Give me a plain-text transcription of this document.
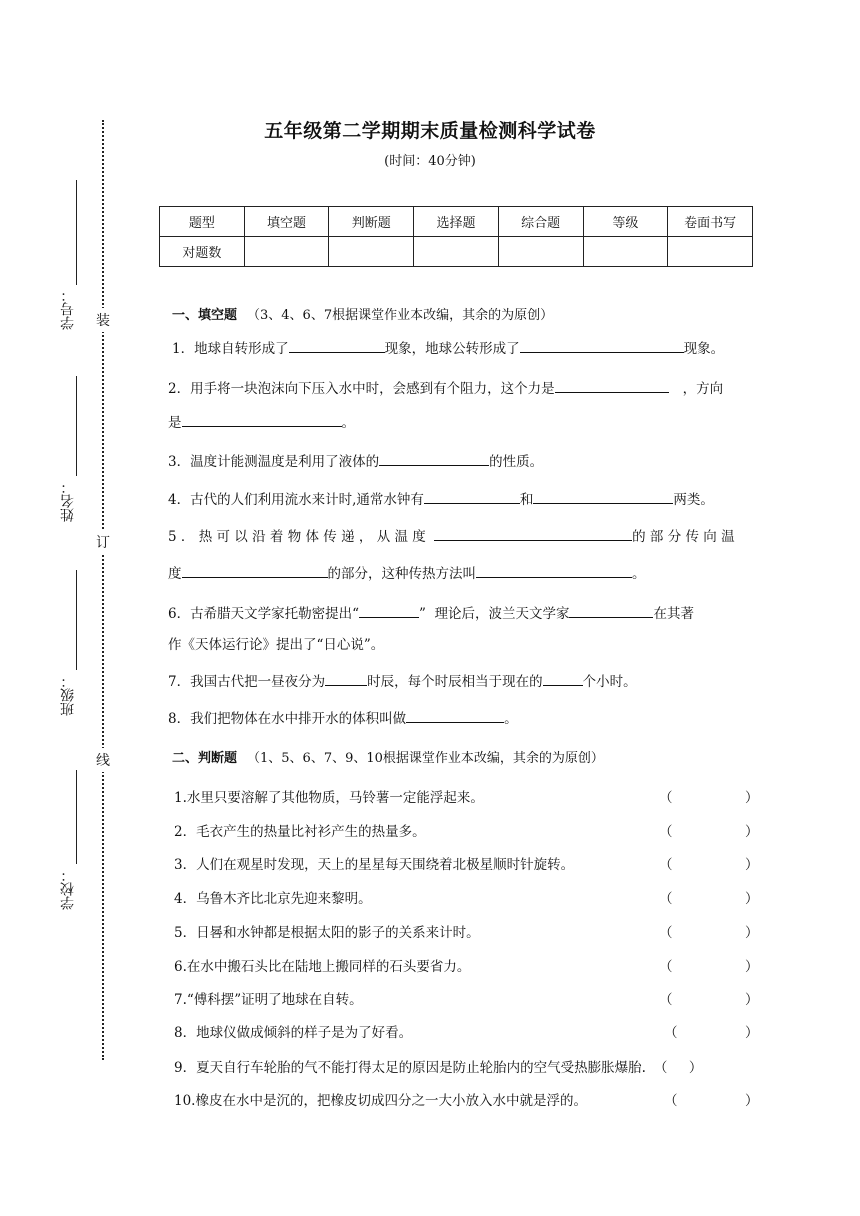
装
订
线
学号：
姓名：
班级：
学校：
五年级第二学期期末质量检测科学试卷
(时间：40分钟)
题型	填空题	判断题	选择题	综合题	等级	卷面书写
对题数						
一、填空题 （3、4、6、7根据课堂作业本改编，其余的为原创）
1．地球自转形成了	现象，地球公转形成了	现象。
2．用手将一块泡沫向下压入水中时，会感到有个阻力，这个力是	，方向
是	。
3．温度计能测温度是利用了液体的	的性质。
4．古代的人们利用流水来计时,通常水钟有	和	两类。
5．热可以沿着物体传递，从温度	的部分传向温
度	的部分，这种传热方法叫	。
6．古希腊天文学家托勒密提出“	”  理论后，波兰天文学家	在其著
作《天体运行论》提出了“日心说”。
7．我国古代把一昼夜分为	时辰，每个时辰相当于现在的	个小时。
8．我们把物体在水中排开水的体积叫做	。
二、判断题 （1、5、6、7、9、10根据课堂作业本改编，其余的为原创）
1.水里只要溶解了其他物质，马铃薯一定能浮起来。	（	）
2．毛衣产生的热量比衬衫产生的热量多。	（	）
3．人们在观星时发现，天上的星星每天围绕着北极星顺时针旋转。	（	）
4．乌鲁木齐比北京先迎来黎明。	（	）
5．日晷和水钟都是根据太阳的影子的关系来计时。	（	）
6.在水中搬石头比在陆地上搬同样的石头要省力。	（	）
7.“傅科摆”证明了地球在自转。	（	）
8．地球仪做成倾斜的样子是为了好看。	（	）
9．夏天自行车轮胎的气不能打得太足的原因是防止轮胎内的空气受热膨胀爆胎. （     ）
10.橡皮在水中是沉的，把橡皮切成四分之一大小放入水中就是浮的。	（	）
